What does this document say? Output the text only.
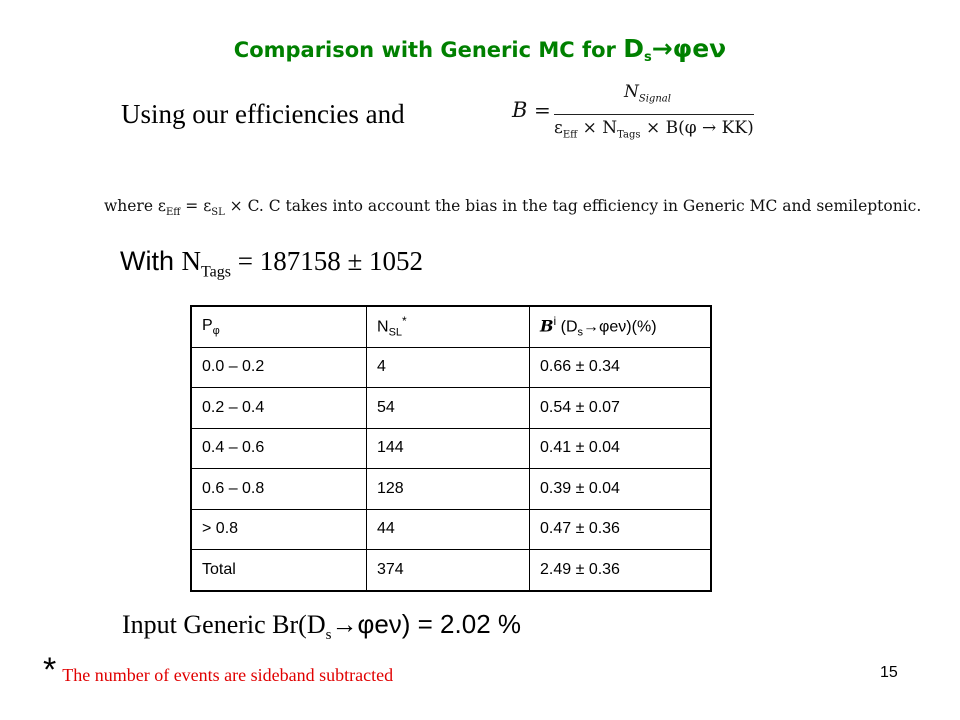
Comparison with Generic MC for $D_s\to\varphi e\nu$
Using our efficiencies and	B =
$N_{Signal}$
$\varepsilon_{Eff} \times N_{Tags} \times B(\varphi \to KK)$
where $\varepsilon_{Eff} = \varepsilon_{SL} \times C$. C takes into account the bias in the tag efficiency in Generic MC and semileptonic.
With $N_{Tags} = 187158 \pm 1052$
$P_\varphi$	$N_{SL}^*$	$B^i$ $(D_s\to\varphi e\nu)(\%)$
0.0 – 0.2	4	0.66 ± 0.34
0.2 – 0.4	54	0.54 ± 0.07
0.4 – 0.6	144	0.41 ± 0.04
0.6 – 0.8	128	0.39 ± 0.04
> 0.8	44	0.47 ± 0.36
Total	374	2.49 ± 0.36
Input Generic $Br(D_s\to\varphi e\nu) = 2.02$ %
* The number of events are sideband subtracted	15
